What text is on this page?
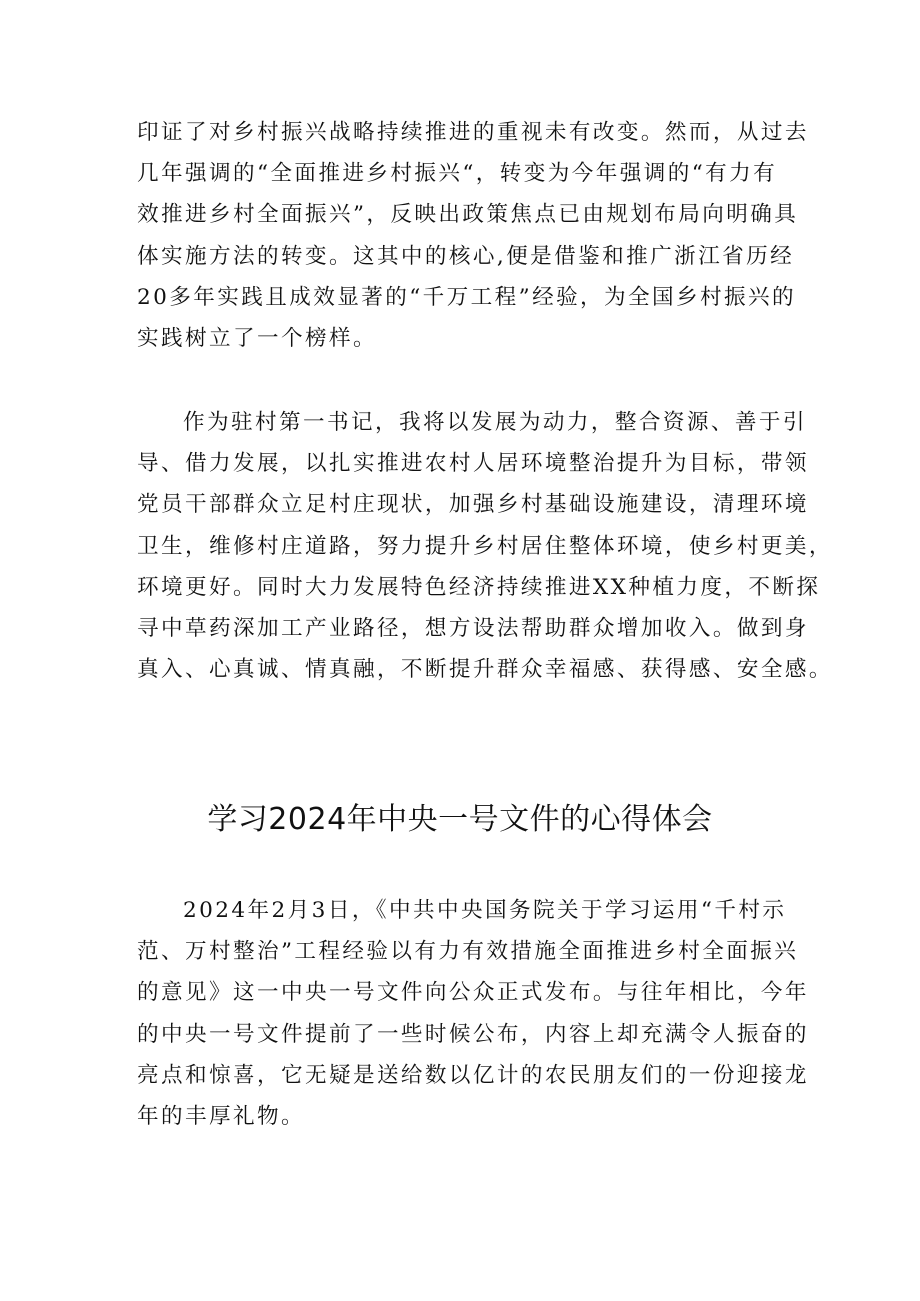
印证了对乡村振兴战略持续推进的重视未有改变。然而，从过去
几年强调的“全面推进乡村振兴“，转变为今年强调的“有力有
效推进乡村全面振兴”，反映出政策焦点已由规划布局向明确具
体实施方法的转变。这其中的核心,便是借鉴和推广浙江省历经
20多年实践且成效显著的“千万工程”经验，为全国乡村振兴的
实践树立了一个榜样。
作为驻村第一书记，我将以发展为动力，整合资源、善于引
导、借力发展，以扎实推进农村人居环境整治提升为目标，带领
党员干部群众立足村庄现状，加强乡村基础设施建设，清理环境
卫生，维修村庄道路，努力提升乡村居住整体环境，使乡村更美，
环境更好。同时大力发展特色经济持续推进XX种植力度，不断探
寻中草药深加工产业路径，想方设法帮助群众增加收入。做到身
真入、心真诚、情真融，不断提升群众幸福感、获得感、安全感。
学习2024年中央一号文件的心得体会
2024年2月3日，《中共中央国务院关于学习运用“千村示
范、万村整治”工程经验以有力有效措施全面推进乡村全面振兴
的意见》这一中央一号文件向公众正式发布。与往年相比，今年
的中央一号文件提前了一些时候公布，内容上却充满令人振奋的
亮点和惊喜，它无疑是送给数以亿计的农民朋友们的一份迎接龙
年的丰厚礼物。
